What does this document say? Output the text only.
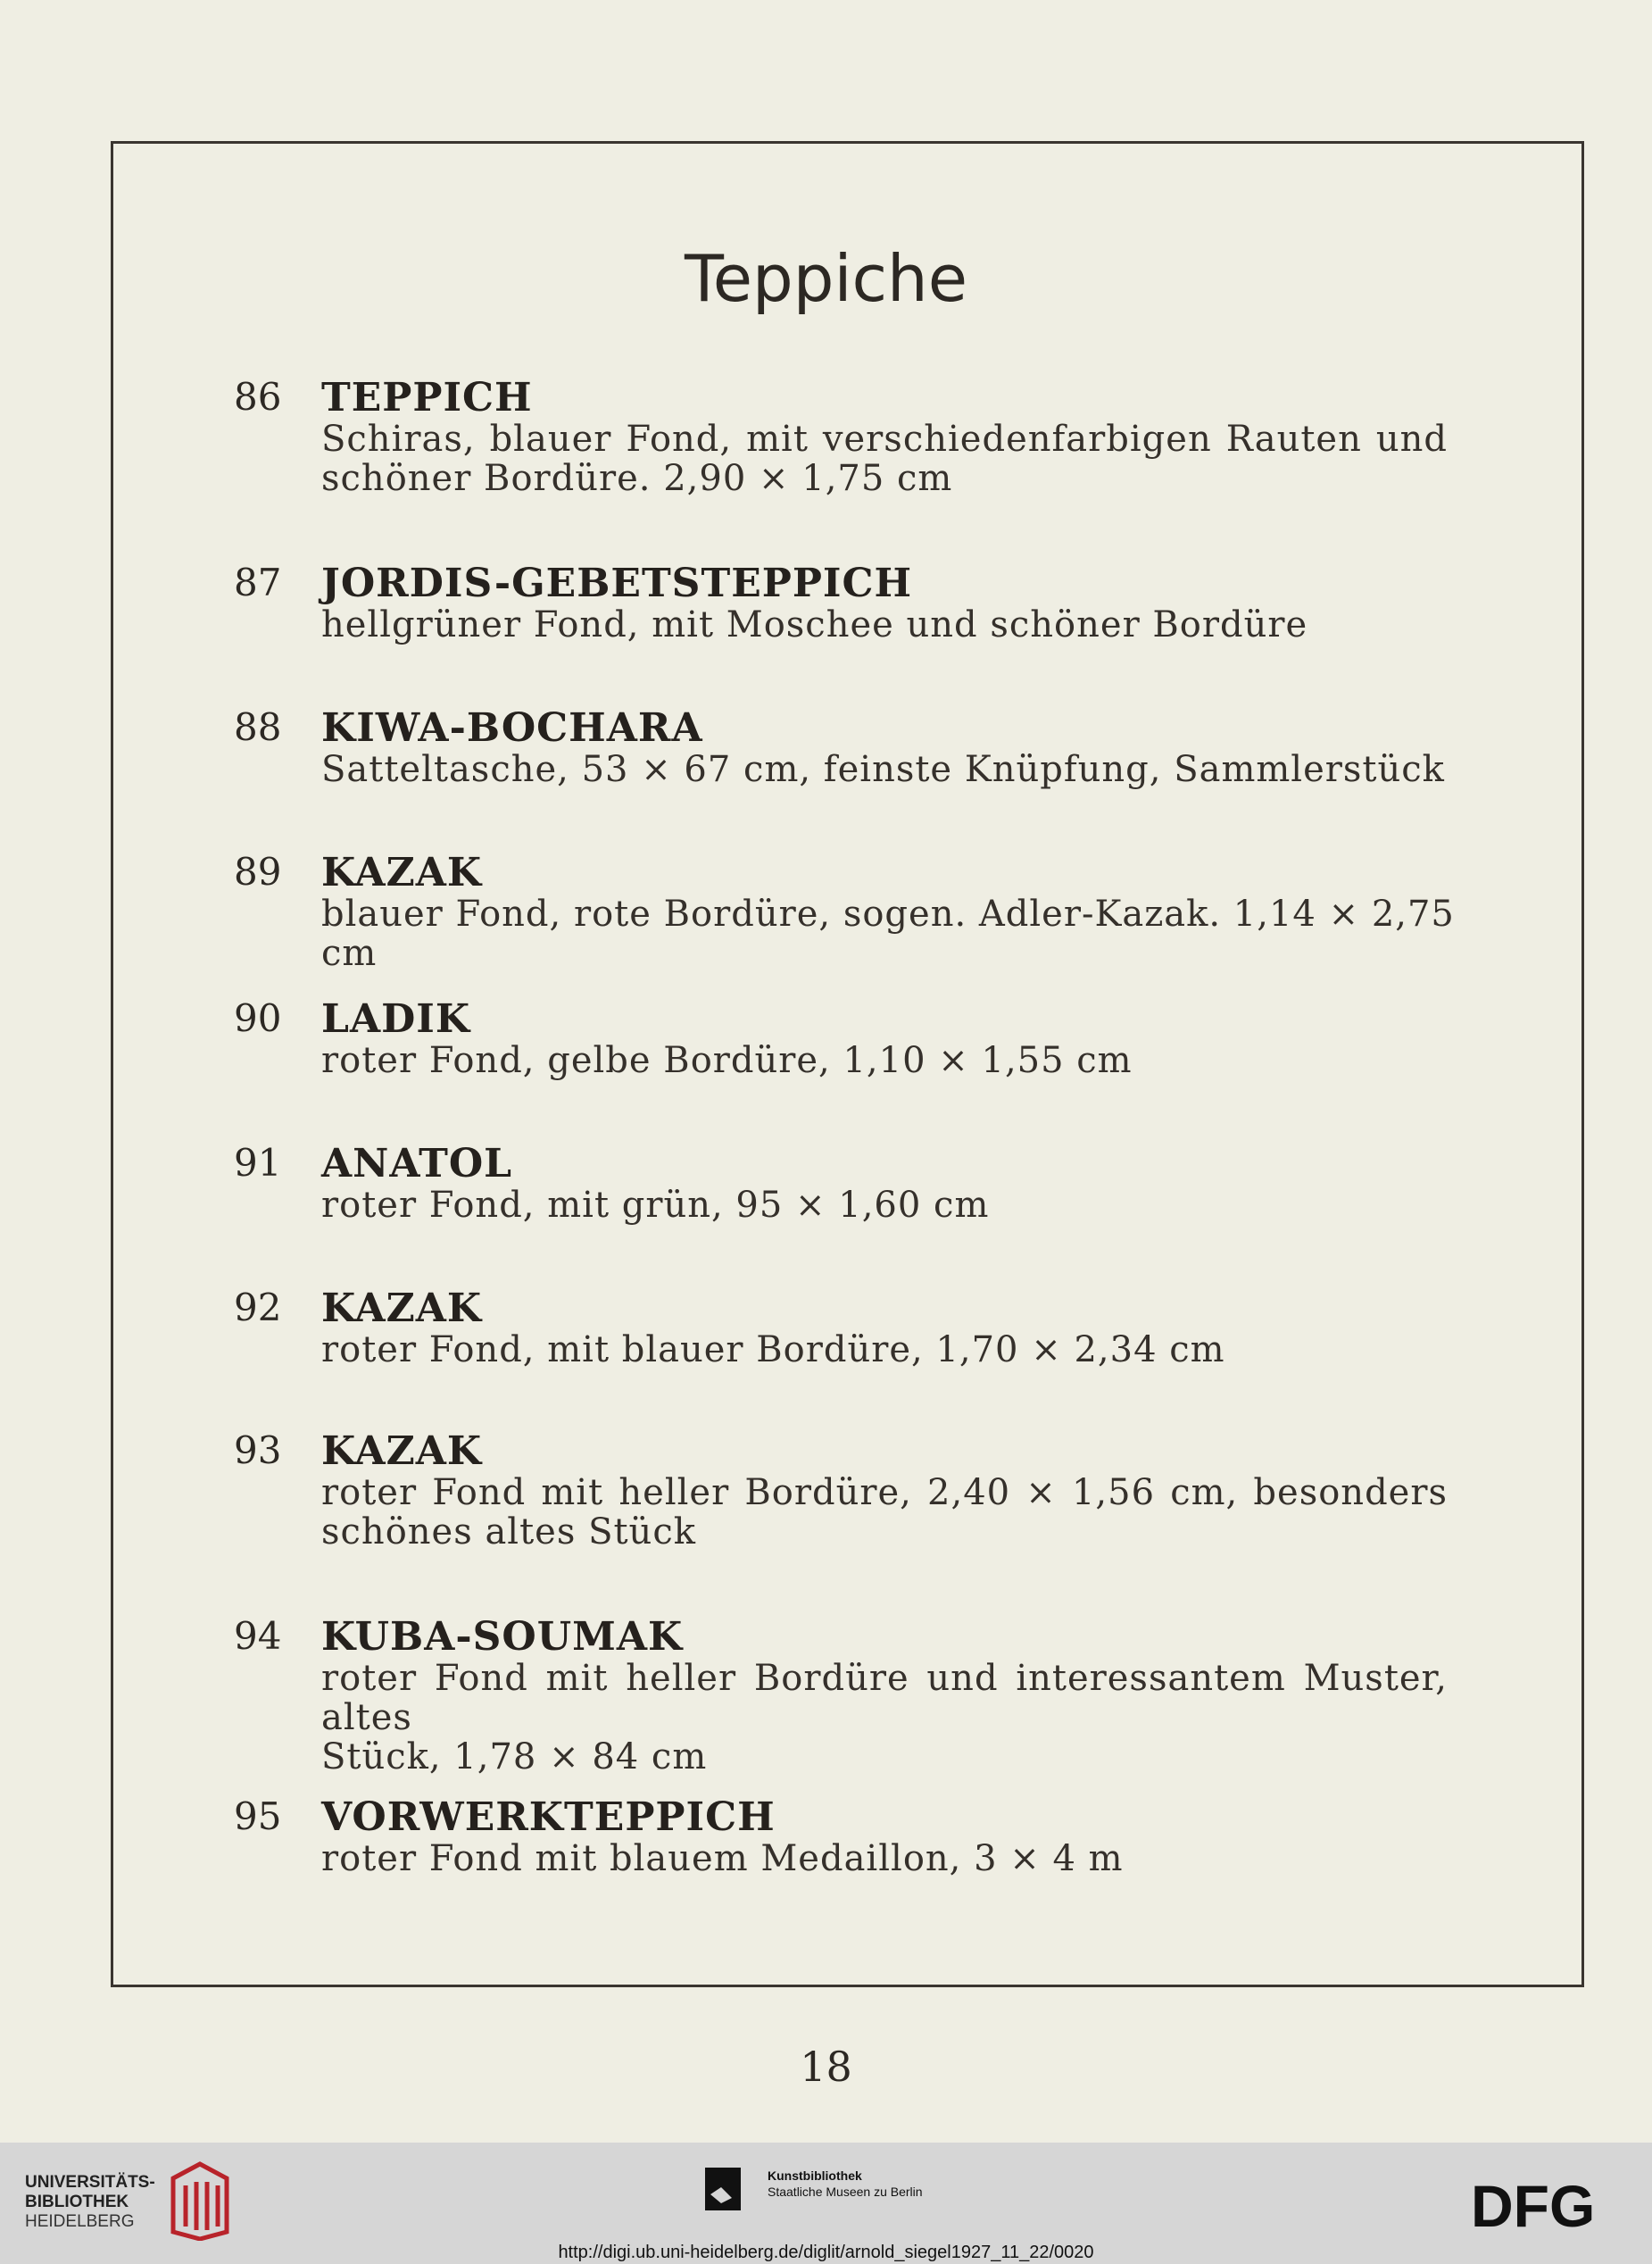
Teppiche
86 TEPPICH
Schiras, blauer Fond, mit verschiedenfarbigen Rauten und
schöner Bordüre. 2,90 × 1,75 cm
87 JORDIS-GEBETSTEPPICH
hellgrüner Fond, mit Moschee und schöner Bordüre
88 KIWA-BOCHARA
Satteltasche, 53 × 67 cm, feinste Knüpfung, Sammlerstück
89 KAZAK
blauer Fond, rote Bordüre, sogen. Adler-Kazak. 1,14 × 2,75 cm
90 LADIK
roter Fond, gelbe Bordüre, 1,10 × 1,55 cm
91 ANATOL
roter Fond, mit grün, 95 × 1,60 cm
92 KAZAK
roter Fond, mit blauer Bordüre, 1,70 × 2,34 cm
93 KAZAK
roter Fond mit heller Bordüre, 2,40 × 1,56 cm, besonders
schönes altes Stück
94 KUBA-SOUMAK
roter Fond mit heller Bordüre und interessantem Muster, altes
Stück, 1,78 × 84 cm
95 VORWERKTEPPICH
roter Fond mit blauem Medaillon, 3 × 4 m
18
UNIVERSITÄTS-
BIBLIOTHEK
HEIDELBERG
Kunstbibliothek
Staatliche Museen zu Berlin	DFG
http://digi.ub.uni-heidelberg.de/diglit/arnold_siegel1927_11_22/0020
